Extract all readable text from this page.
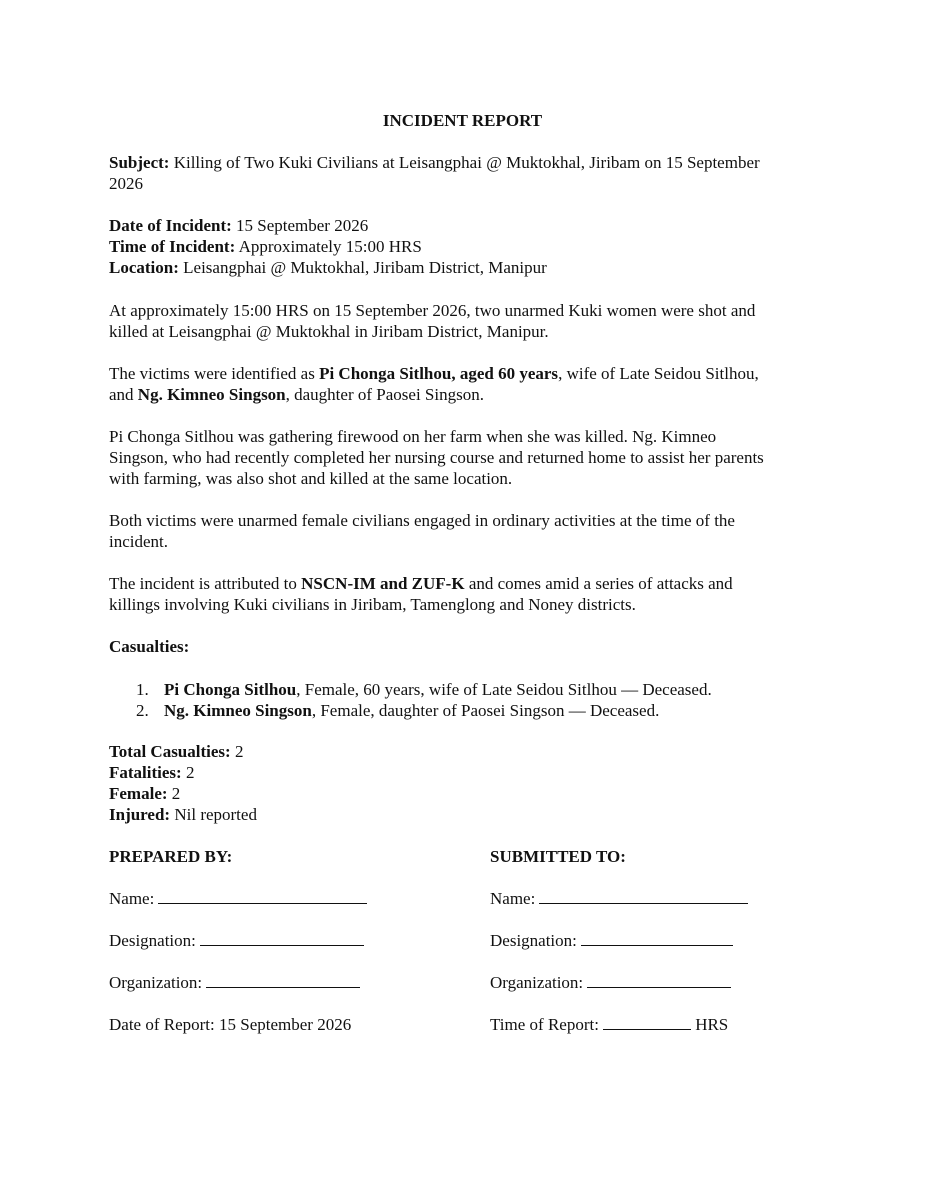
INCIDENT REPORT
Subject: Killing of Two Kuki Civilians at Leisangphai @ Muktokhal, Jiribam on 15 September
2026
Date of Incident: 15 September 2026
Time of Incident: Approximately 15:00 HRS
Location: Leisangphai @ Muktokhal, Jiribam District, Manipur
At approximately 15:00 HRS on 15 September 2026, two unarmed Kuki women were shot and
killed at Leisangphai @ Muktokhal in Jiribam District, Manipur.
The victims were identified as Pi Chonga Sitlhou, aged 60 years, wife of Late Seidou Sitlhou,
and Ng. Kimneo Singson, daughter of Paosei Singson.
Pi Chonga Sitlhou was gathering firewood on her farm when she was killed. Ng. Kimneo
Singson, who had recently completed her nursing course and returned home to assist her parents
with farming, was also shot and killed at the same location.
Both victims were unarmed female civilians engaged in ordinary activities at the time of the
incident.
The incident is attributed to NSCN-IM and ZUF-K and comes amid a series of attacks and
killings involving Kuki civilians in Jiribam, Tamenglong and Noney districts.
Casualties:
1. Pi Chonga Sitlhou, Female, 60 years, wife of Late Seidou Sitlhou — Deceased.
2. Ng. Kimneo Singson, Female, daughter of Paosei Singson — Deceased.
Total Casualties: 2
Fatalities: 2
Female: 2
Injured: Nil reported
PREPARED BY:
Name:
Designation:
Organization:
Date of Report: 15 September 2026
SUBMITTED TO:
Name:
Designation:
Organization:
Time of Report:	HRS
